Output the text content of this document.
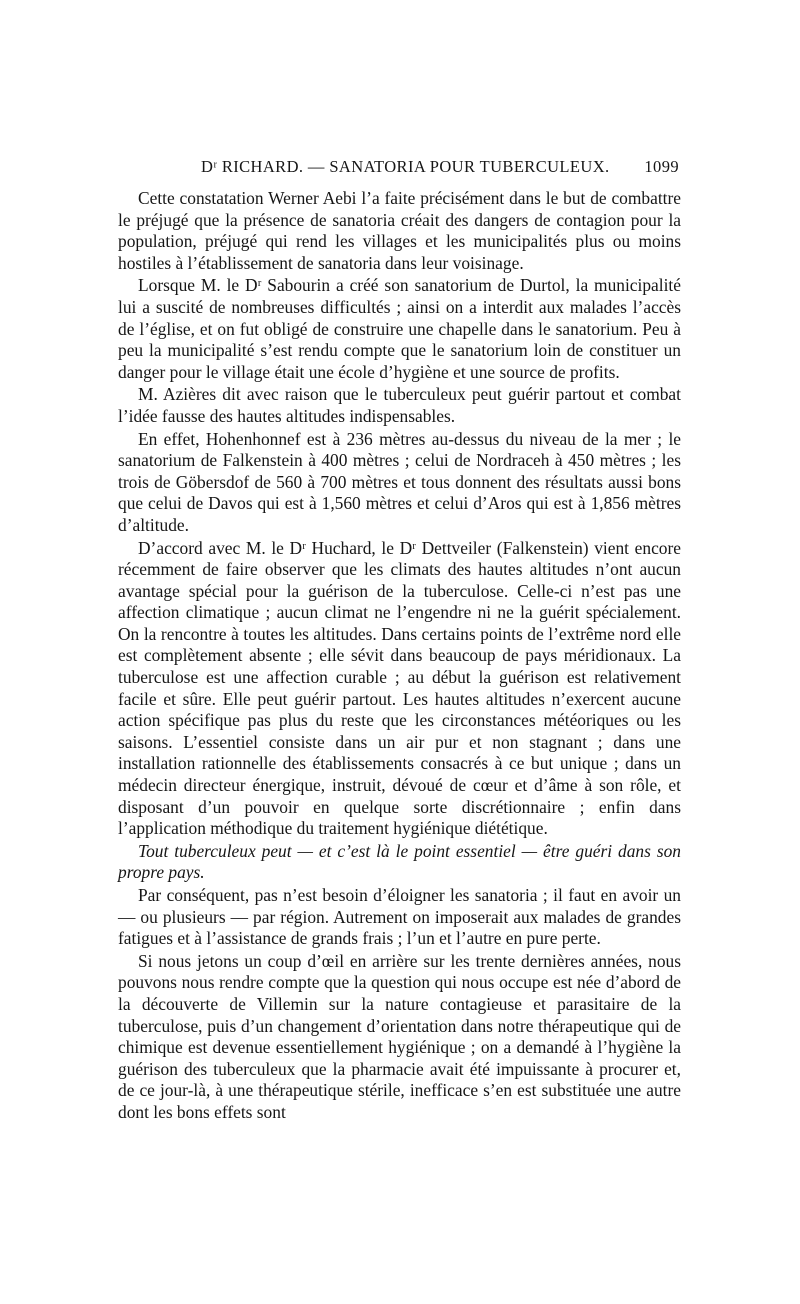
Dʳ RICHARD. — SANATORIA POUR TUBERCULEUX. 1099

Cette constatation Werner Aebi l’a faite précisément dans le but de combattre le préjugé que la présence de sanatoria créait des dangers de contagion pour la population, préjugé qui rend les villages et les municipalités plus ou moins hostiles à l’établissement de sanatoria dans leur voisinage.

Lorsque M. le Dʳ Sabourin a créé son sanatorium de Durtol, la municipalité lui a suscité de nombreuses difficultés ; ainsi on a interdit aux malades l’accès de l’église, et on fut obligé de construire une chapelle dans le sanatorium. Peu à peu la municipalité s’est rendu compte que le sanatorium loin de constituer un danger pour le village était une école d’hygiène et une source de profits.

M. Azières dit avec raison que le tuberculeux peut guérir partout et combat l’idée fausse des hautes altitudes indispensables.

En effet, Hohenhonnef est à 236 mètres au-dessus du niveau de la mer ; le sanatorium de Falkenstein à 400 mètres ; celui de Nordraceh à 450 mètres ; les trois de Göbersdof de 560 à 700 mètres et tous donnent des résultats aussi bons que celui de Davos qui est à 1,560 mètres et celui d’Aros qui est à 1,856 mètres d’altitude.

D’accord avec M. le Dʳ Huchard, le Dʳ Dettveiler (Falkenstein) vient encore récemment de faire observer que les climats des hautes altitudes n’ont aucun avantage spécial pour la guérison de la tuberculose. Celle-ci n’est pas une affection climatique ; aucun climat ne l’engendre ni ne la guérit spécialement. On la rencontre à toutes les altitudes. Dans certains points de l’extrême nord elle est complètement absente ; elle sévit dans beaucoup de pays méridionaux. La tuberculose est une affection curable ; au début la guérison est relativement facile et sûre. Elle peut guérir partout. Les hautes altitudes n’exercent aucune action spécifique pas plus du reste que les circonstances météoriques ou les saisons. L’essentiel consiste dans un air pur et non stagnant ; dans une installation rationnelle des établissements consacrés à ce but unique ; dans un médecin directeur énergique, instruit, dévoué de cœur et d’âme à son rôle, et disposant d’un pouvoir en quelque sorte discrétionnaire ; enfin dans l’application méthodique du traitement hygiénique diététique.

Tout tuberculeux peut — et c’est là le point essentiel — être guéri dans son propre pays.

Par conséquent, pas n’est besoin d’éloigner les sanatoria ; il faut en avoir un — ou plusieurs — par région. Autrement on imposerait aux malades de grandes fatigues et à l’assistance de grands frais ; l’un et l’autre en pure perte.

Si nous jetons un coup d’œil en arrière sur les trente dernières années, nous pouvons nous rendre compte que la question qui nous occupe est née d’abord de la découverte de Villemin sur la nature contagieuse et parasitaire de la tuberculose, puis d’un changement d’orientation dans notre thérapeutique qui de chimique est devenue essentiellement hygiénique ; on a demandé à l’hygiène la guérison des tuberculeux que la pharmacie avait été impuissante à procurer et, de ce jour-là, à une thérapeutique stérile, inefficace s’en est substituée une autre dont les bons effets sont
